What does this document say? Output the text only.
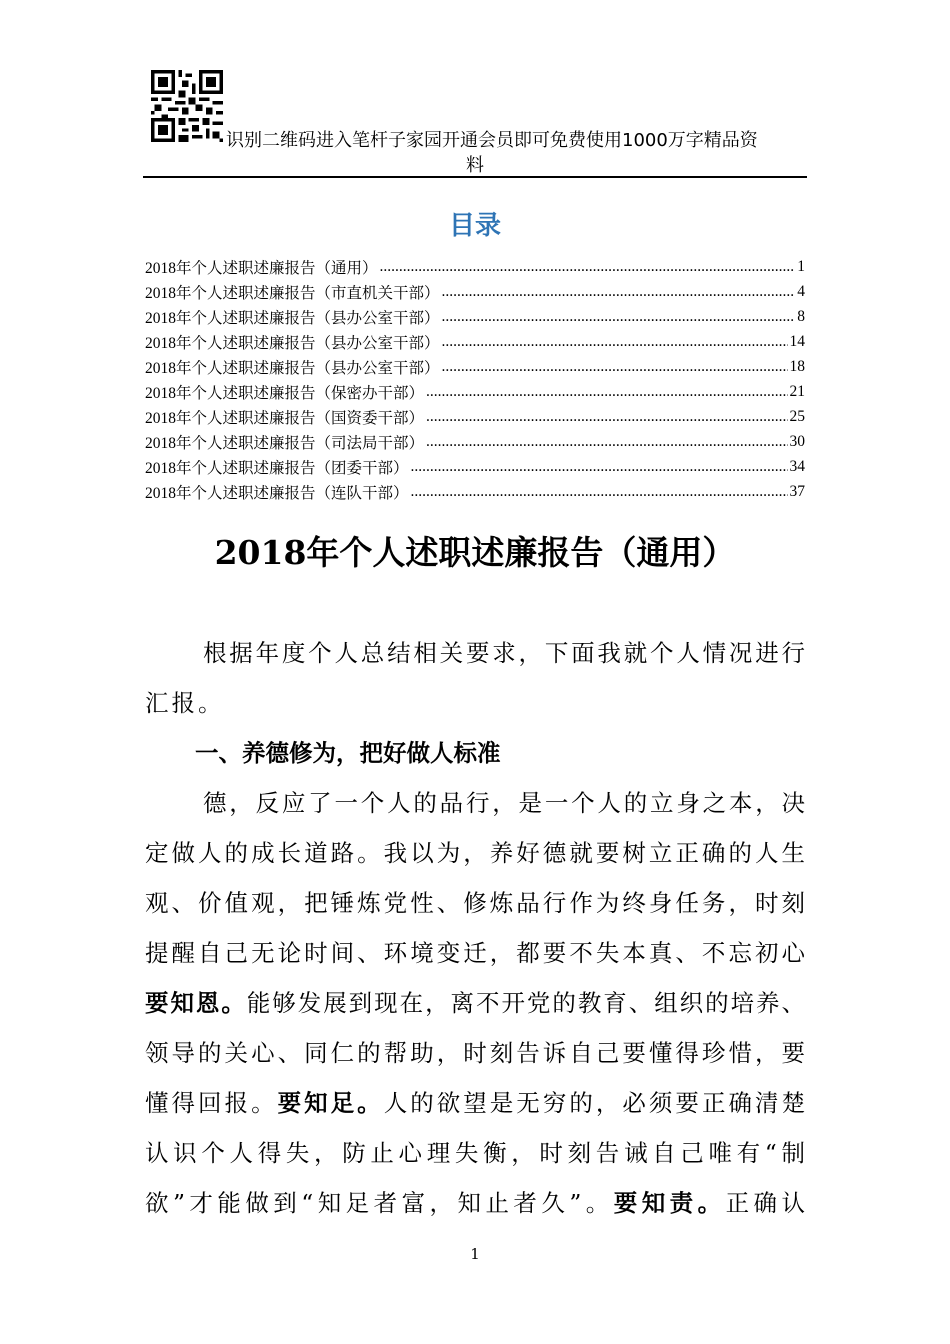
识别二维码进入笔杆子家园开通会员即可免费使用1000万字精品资
料
目录
2018年个人述职述廉报告（通用） .....	1
2018年个人述职述廉报告（市直机关干部） .....	4
2018年个人述职述廉报告（县办公室干部） .....	8
2018年个人述职述廉报告（县办公室干部） .....	14
2018年个人述职述廉报告（县办公室干部） .....	18
2018年个人述职述廉报告（保密办干部） .....	21
2018年个人述职述廉报告（国资委干部） .....	25
2018年个人述职述廉报告（司法局干部） .....	30
2018年个人述职述廉报告（团委干部） .....	34
2018年个人述职述廉报告（连队干部） .....	37
2018年个人述职述廉报告（通用）
根据年度个人总结相关要求，下面我就个人情况进行
汇报。
一、养德修为，把好做人标准
德，反应了一个人的品行，是一个人的立身之本，决
定做人的成长道路。我以为，养好德就要树立正确的人生
观、价值观，把锤炼党性、修炼品行作为终身任务，时刻
提醒自己无论时间、环境变迁，都要不失本真、不忘初心
要知恩。能够发展到现在，离不开党的教育、组织的培养、
领导的关心、同仁的帮助，时刻告诉自己要懂得珍惜，要
懂得回报。要知足。人的欲望是无穷的，必须要正确清楚
认识个人得失，防止心理失衡，时刻告诫自己唯有“制
欲”才能做到“知足者富，知止者久”。要知责。正确认
1
